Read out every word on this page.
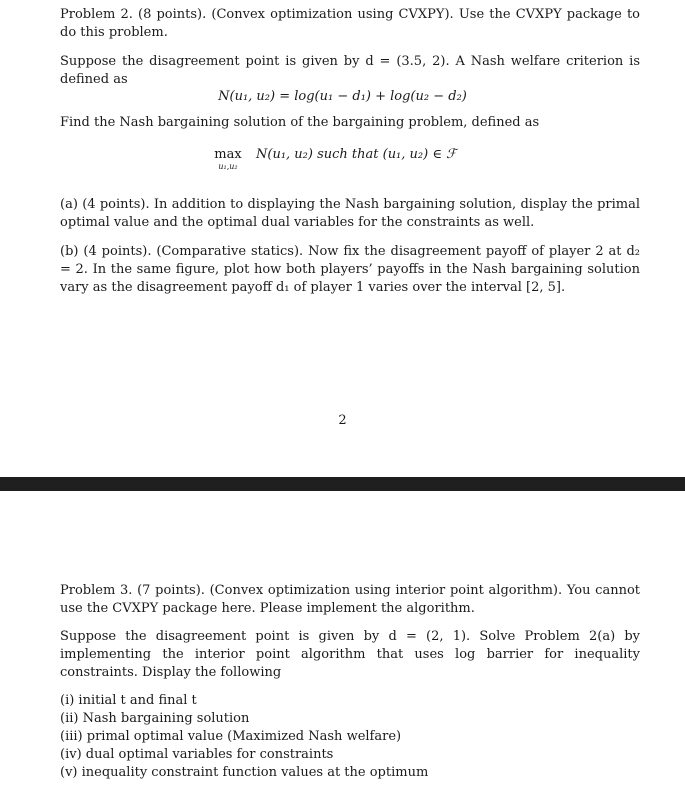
Problem 2. (8 points). (Convex optimization using CVXPY). Use the CVXPY package to do this problem.

Suppose the disagreement point is given by d = (3.5, 2). A Nash welfare criterion is defined as

N(u₁, u₂) = log(u₁ − d₁) + log(u₂ − d₂)

Find the Nash bargaining solution of the bargaining problem, defined as

max
u₁,u₂
N(u₁, u₂) such that (u₁, u₂) ∈ ℱ

(a) (4 points). In addition to displaying the Nash bargaining solution, display the primal optimal value and the optimal dual variables for the constraints as well.

(b) (4 points). (Comparative statics). Now fix the disagreement payoff of player 2 at d₂ = 2. In the same figure, plot how both players’ payoffs in the Nash bargaining solution vary as the disagreement payoff d₁ of player 1 varies over the interval [2, 5].

2

Problem 3. (7 points). (Convex optimization using interior point algorithm). You cannot use the CVXPY package here. Please implement the algorithm.

Suppose the disagreement point is given by d = (2, 1). Solve Problem 2(a) by implementing the interior point algorithm that uses log barrier for inequality constraints. Display the following

(i) initial t and final t

(ii) Nash bargaining solution

(iii) primal optimal value (Maximized Nash welfare)

(iv) dual optimal variables for constraints

(v) inequality constraint function values at the optimum
